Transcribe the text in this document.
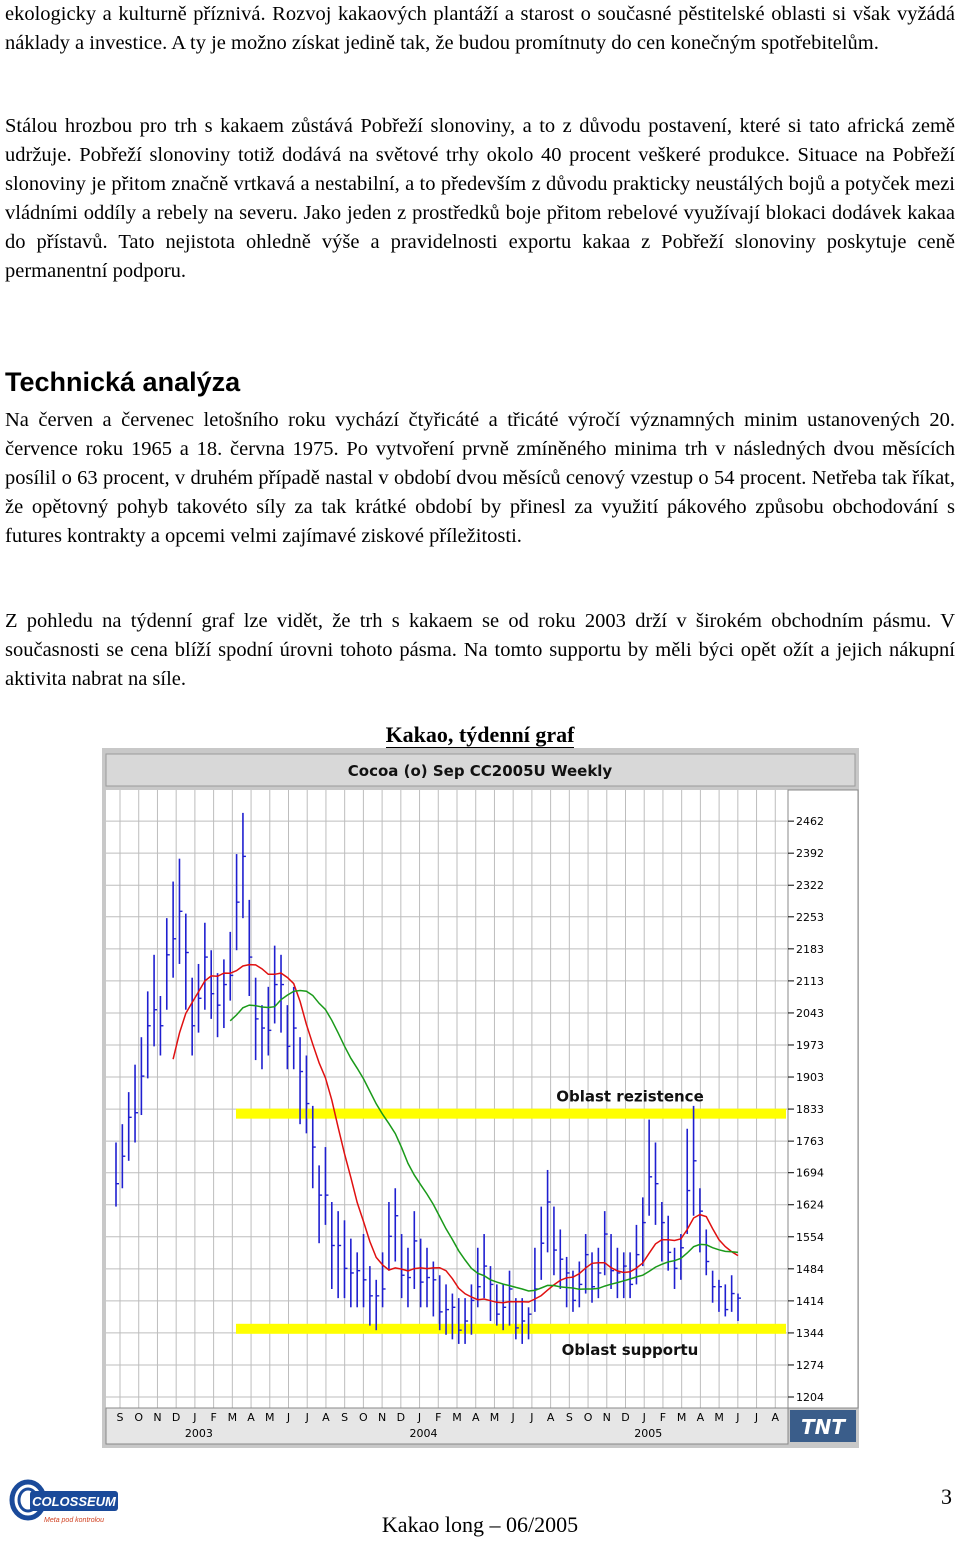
ekologicky a kulturně příznivá. Rozvoj kakaových plantáží a starost o současné pěstitelské oblasti si však vyžádá náklady a investice. A ty je možno získat jedině tak, že budou promítnuty do cen konečným spotřebitelům.

Stálou hrozbou pro trh s kakaem zůstává Pobřeží slonoviny, a to z důvodu postavení, které si tato africká země udržuje. Pobřeží slonoviny totiž dodává na světové trhy okolo 40 procent veškeré produkce. Situace na Pobřeží slonoviny je přitom značně vrtkavá a nestabilní, a to především z důvodu prakticky neustálých bojů a potyček mezi vládními oddíly a rebely na severu. Jako jeden z prostředků boje přitom rebelové využívají blokaci dodávek kakaa do přístavů. Tato nejistota ohledně výše a pravidelnosti exportu kakaa z Pobřeží slonoviny poskytuje ceně permanentní podporu.

Technická analýza

Na červen a červenec letošního roku vychází čtyřicáté a třicáté výročí významných minim ustanovených 20. července roku 1965 a 18. června 1975. Po vytvoření prvně zmíněného minima trh v následných dvou měsících posílil o 63 procent, v druhém případě nastal v období dvou měsíců cenový vzestup o 54 procent. Netřeba tak říkat, že opětovný pohyb takovéto síly za tak krátké období by přinesl za využití pákového způsobu obchodování s futures kontrakty a opcemi velmi zajímavé ziskové příležitosti.

Z pohledu na týdenní graf lze vidět, že trh s kakaem se od roku 2003 drží v širokém obchodním pásmu. V současnosti se cena blíží spodní úrovni tohoto pásma. Na tomto supportu by měli býci opět ožít a jejich nákupní aktivita nabrat na síle.

Kakao, týdenní graf
Cocoa (o) Sep CC2005U Weekly
2462
2392
2322
2253
2183
2113
2043
1973
1903
1833
1763
1694
1624
1554
1484
1414
1344
1274
1204
Oblast rezistence
Oblast supportu
S O N D J F M A M J J A S O N D J F M A M J J A S O N D J F M A M J J A
2003	2004	2005	TNT
COLOSSEUM
Meta pod kontrolou	Kakao long – 06/2005
3
